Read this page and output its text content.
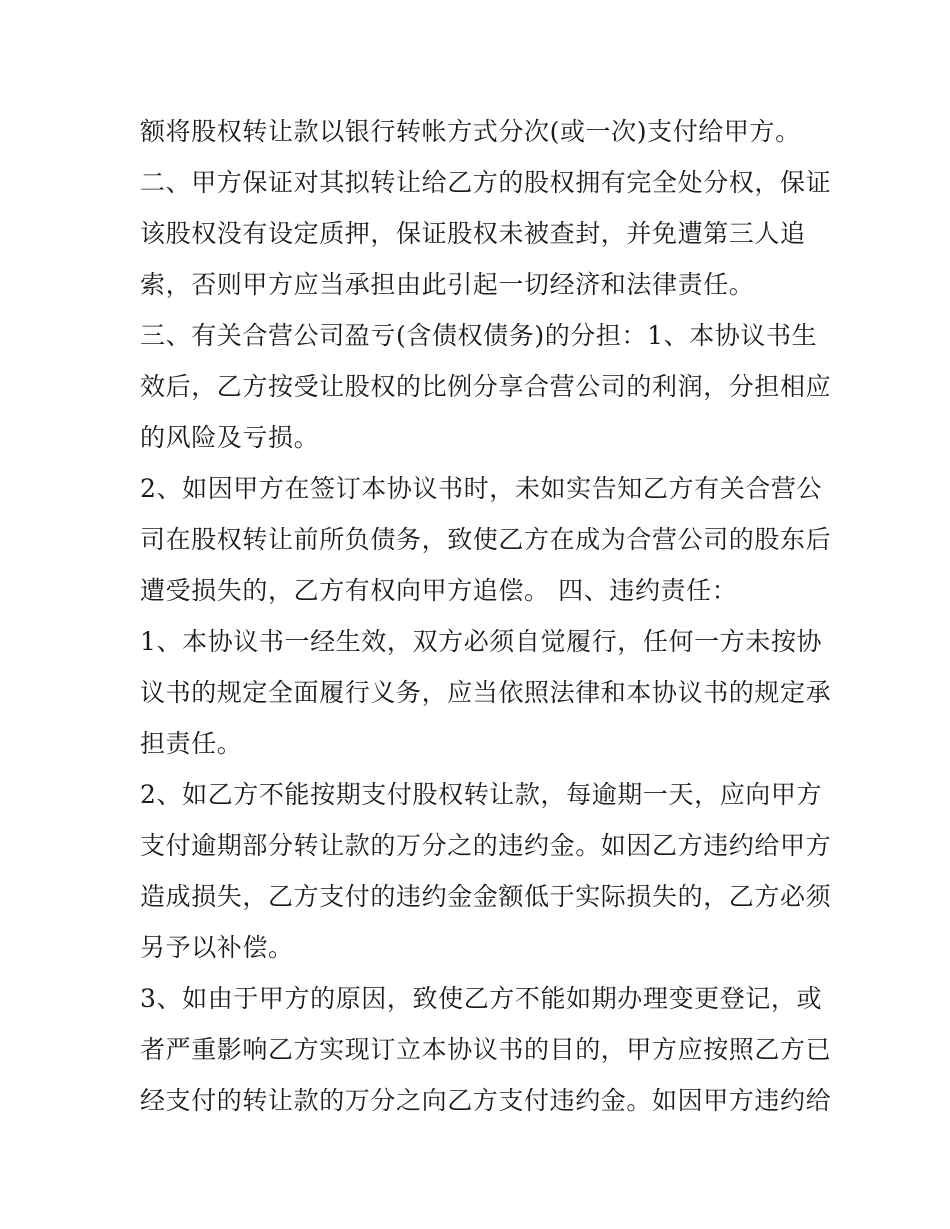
额将股权转让款以银行转帐方式分次(或一次)支付给甲方。
二、甲方保证对其拟转让给乙方的股权拥有完全处分权，保证
该股权没有设定质押，保证股权未被查封，并免遭第三人追
索，否则甲方应当承担由此引起一切经济和法律责任。
三、有关合营公司盈亏(含债权债务)的分担：1、本协议书生
效后，乙方按受让股权的比例分享合营公司的利润，分担相应
的风险及亏损。
2、如因甲方在签订本协议书时，未如实告知乙方有关合营公
司在股权转让前所负债务，致使乙方在成为合营公司的股东后
遭受损失的，乙方有权向甲方追偿。 四、违约责任：
1、本协议书一经生效，双方必须自觉履行，任何一方未按协
议书的规定全面履行义务，应当依照法律和本协议书的规定承
担责任。
2、如乙方不能按期支付股权转让款，每逾期一天，应向甲方
支付逾期部分转让款的万分之的违约金。如因乙方违约给甲方
造成损失，乙方支付的违约金金额低于实际损失的，乙方必须
另予以补偿。
3、如由于甲方的原因，致使乙方不能如期办理变更登记，或
者严重影响乙方实现订立本协议书的目的，甲方应按照乙方已
经支付的转让款的万分之向乙方支付违约金。如因甲方违约给
